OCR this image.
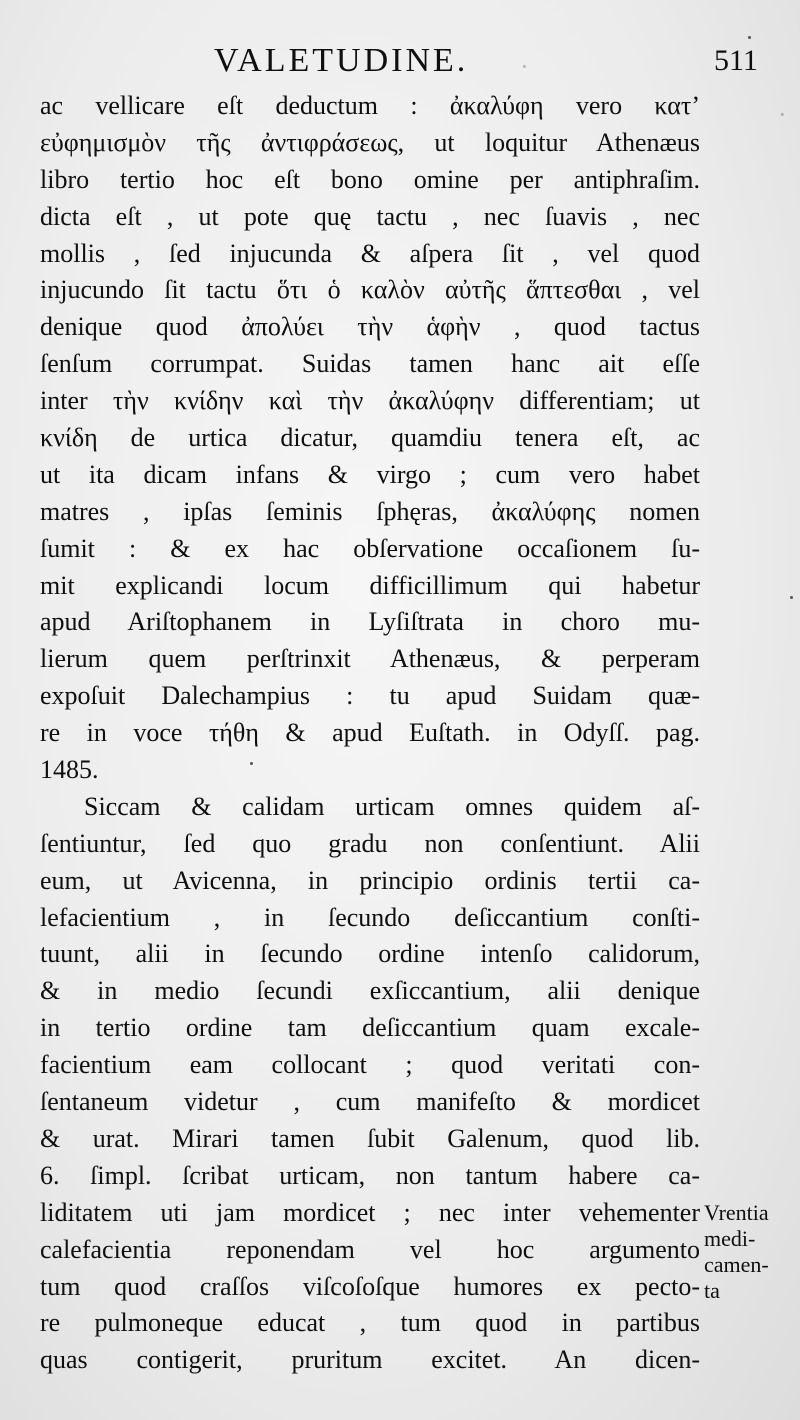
VALETUDINE.	511
·
·
ac vellicare eſt deductum : ἀκαλύφη vero κατ’
εὐφημισμὸν τῆς ἀντιφράσεως, ut loquitur Athenæus
libro tertio hoc eſt bono omine per antiphraſim.
dicta eſt , ut pote quę tactu , nec ſuavis , nec
mollis , ſed injucunda & aſpera ſit , vel quod
injucundo ſit tactu ὅτι ὁ καλὸν αὐτῆς ἅπτεσθαι , vel
denique quod ἀπολύει τὴν ἁφὴν , quod tactus
ſenſum corrumpat. Suidas tamen hanc ait eſſe
inter τὴν κνίδην καὶ τὴν ἀκαλύφην differentiam; ut
κνίδη de urtica dicatur, quamdiu tenera eſt, ac
ut ita dicam infans & virgo ; cum vero habet
matres , ipſas ſeminis ſphęras, ἀκαλύφης nomen
ſumit : & ex hac obſervatione occaſionem ſu-
mit explicandi locum difficillimum qui habetur
apud Ariſtophanem in Lyſiſtrata in choro mu-
lierum quem perſtrinxit Athenæus, & perperam
expoſuit Dalechampius : tu apud Suidam quæ-
re in voce τήθη & apud Euſtath. in Odyſſ. pag.
1485.
Siccam & calidam urticam omnes quidem aſ-
ſentiuntur, ſed quo gradu non conſentiunt. Alii
eum, ut Avicenna, in principio ordinis tertii ca-
lefacientium , in ſecundo deſiccantium conſti-
tuunt, alii in ſecundo ordine intenſo calidorum,
& in medio ſecundi exſiccantium, alii denique
in tertio ordine tam deſiccantium quam excale-
facientium eam collocant ; quod veritati con-
ſentaneum videtur , cum manifeſto & mordicet
& urat. Mirari tamen ſubit Galenum, quod lib.
6. ſimpl. ſcribat urticam, non tantum habere ca-
liditatem uti jam mordicet ; nec inter vehementer
calefacientia reponendam vel hoc argumento
tum quod craſſos viſcoſoſque humores ex pecto-
re pulmoneque educat , tum quod in partibus
quas contigerit, pruritum excitet. An dicen-
Vrentia
medi-
camen-
ta
